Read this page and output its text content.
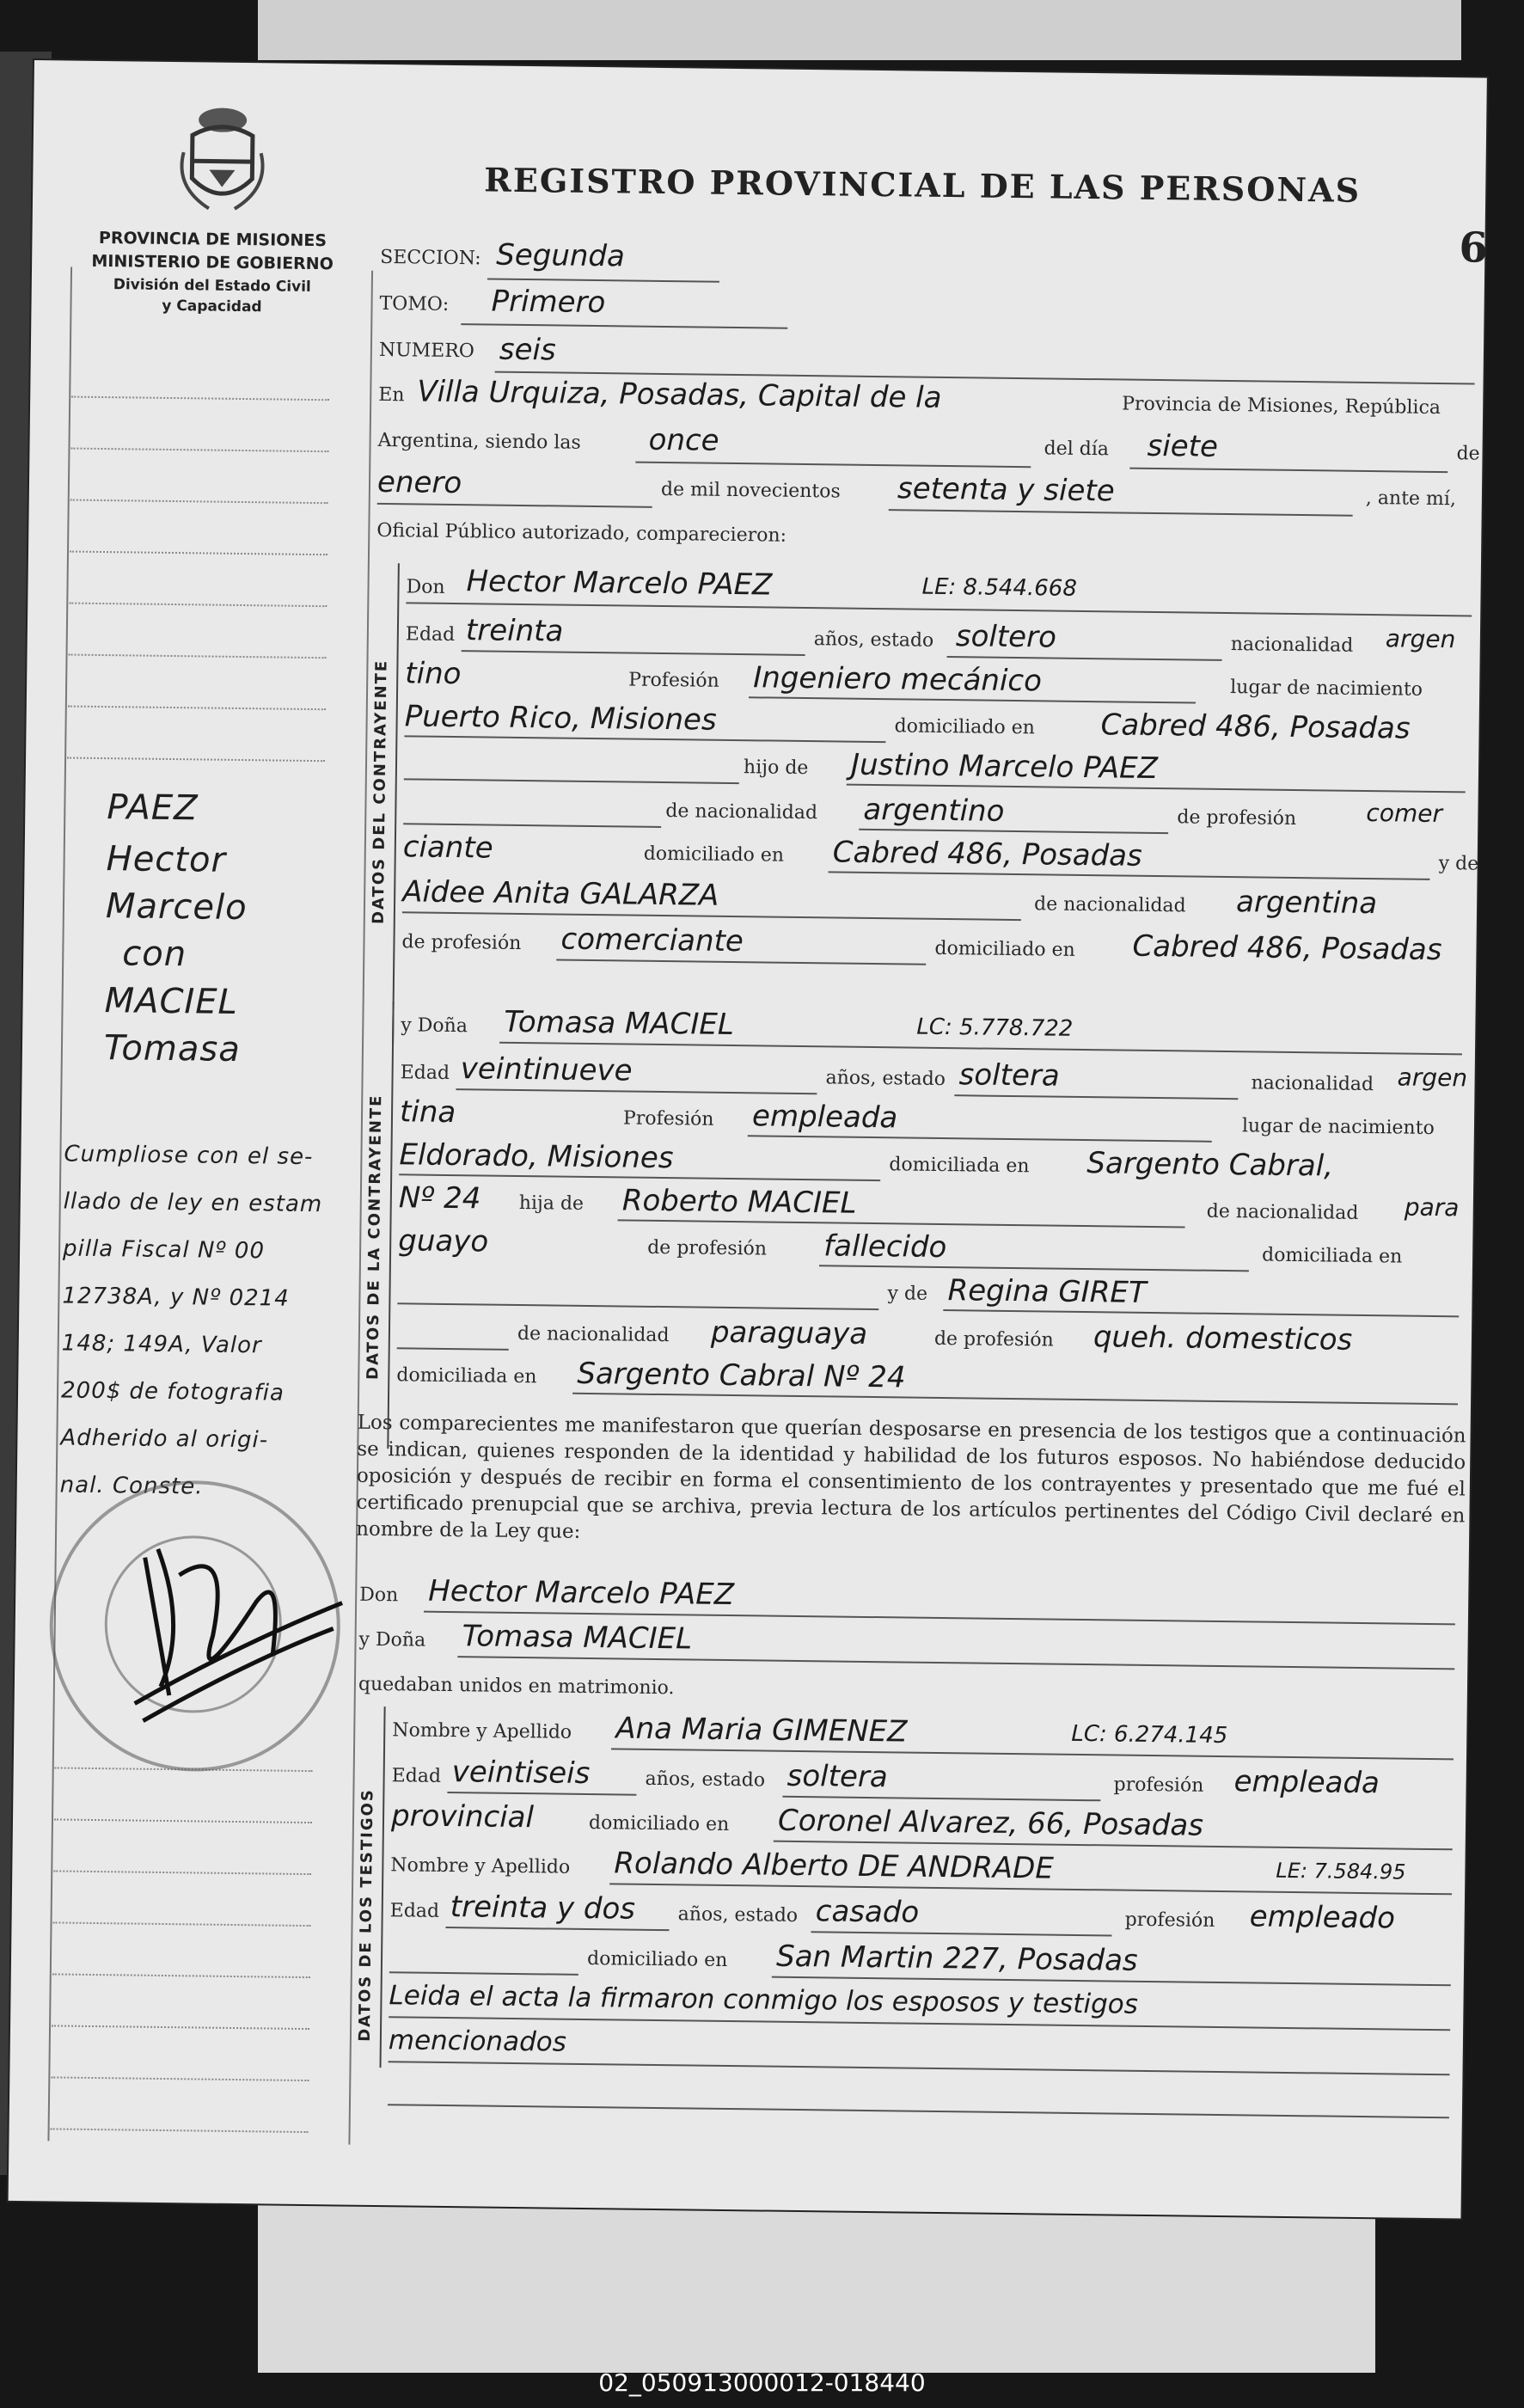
PROVINCIA DE MISIONES
MINISTERIO DE GOBIERNO
División del Estado Civil
y Capacidad
PAEZ
Hector
Marcelo
con
MACIEL
Tomasa
Cumpliose con el se-
llado de ley en estam
pilla Fiscal Nº 00
12738A, y Nº 0214
148; 149A, Valor
200$ de fotografia
Adherido al origi-
nal. Conste.
REGISTRO PROVINCIAL DE LAS PERSONAS
6
SECCION: Segunda
TOMO: Primero
NUMERO seis
En Villa Urquiza, Posadas, Capital de la	Provincia de Misiones, República
Argentina, siendo las once	del día siete	de
enero	de mil novecientos setenta y siete	, ante mí,
Oficial Público autorizado, comparecieron:
DATOS DEL CONTRAYENTE
Don Hector Marcelo PAEZ	LE: 8.544.668
Edad treinta	años, estado soltero	nacionalidad argen
tino	Profesión Ingeniero mecánico	lugar de nacimiento
Puerto Rico, Misiones	domiciliado en Cabred 486, Posadas
hijo de Justino Marcelo PAEZ
de nacionalidad argentino	de profesión	comer
ciante	domiciliado en Cabred 486, Posadas	y de
Aidee Anita GALARZA	de nacionalidad argentina
de profesión comerciante	domiciliado en Cabred 486, Posadas
DATOS DE LA CONTRAYENTE
y Doña Tomasa MACIEL	LC: 5.778.722
Edad veintinueve	años, estado soltera	nacionalidad argen
tina	Profesión empleada	lugar de nacimiento
Eldorado, Misiones	domiciliada en Sargento Cabral,
Nº 24 hija de Roberto MACIEL	de nacionalidad para
guayo	de profesión fallecido	domiciliada en
y de Regina GIRET
de nacionalidad paraguaya	de profesión queh. domesticos
domiciliada en Sargento Cabral Nº 24
Los comparecientes me manifestaron que querían desposarse en presencia de los testigos que a continuación se indican, quienes responden de la identidad y habilidad de los futuros esposos. No habiéndose deducido oposición y después de recibir en forma el consentimiento de los contrayentes y presentado que me fué el certificado prenupcial que se archiva, previa lectura de los artículos pertinentes del Código Civil declaré en nombre de la Ley que:
Don Hector Marcelo PAEZ
y Doña Tomasa MACIEL
quedaban unidos en matrimonio.
DATOS DE LOS TESTIGOS
Nombre y Apellido Ana Maria GIMENEZ	LC: 6.274.145
Edad veintiseis	años, estado soltera	profesión empleada
provincial	domiciliado en Coronel Alvarez, 66, Posadas
Nombre y Apellido Rolando Alberto DE ANDRADE	LE: 7.584.95
Edad treinta y dos años, estado casado	profesión empleado
domiciliado en San Martin 227, Posadas
Leida el acta la firmaron conmigo los esposos y testigos
mencionados
02_050913000012-018440
